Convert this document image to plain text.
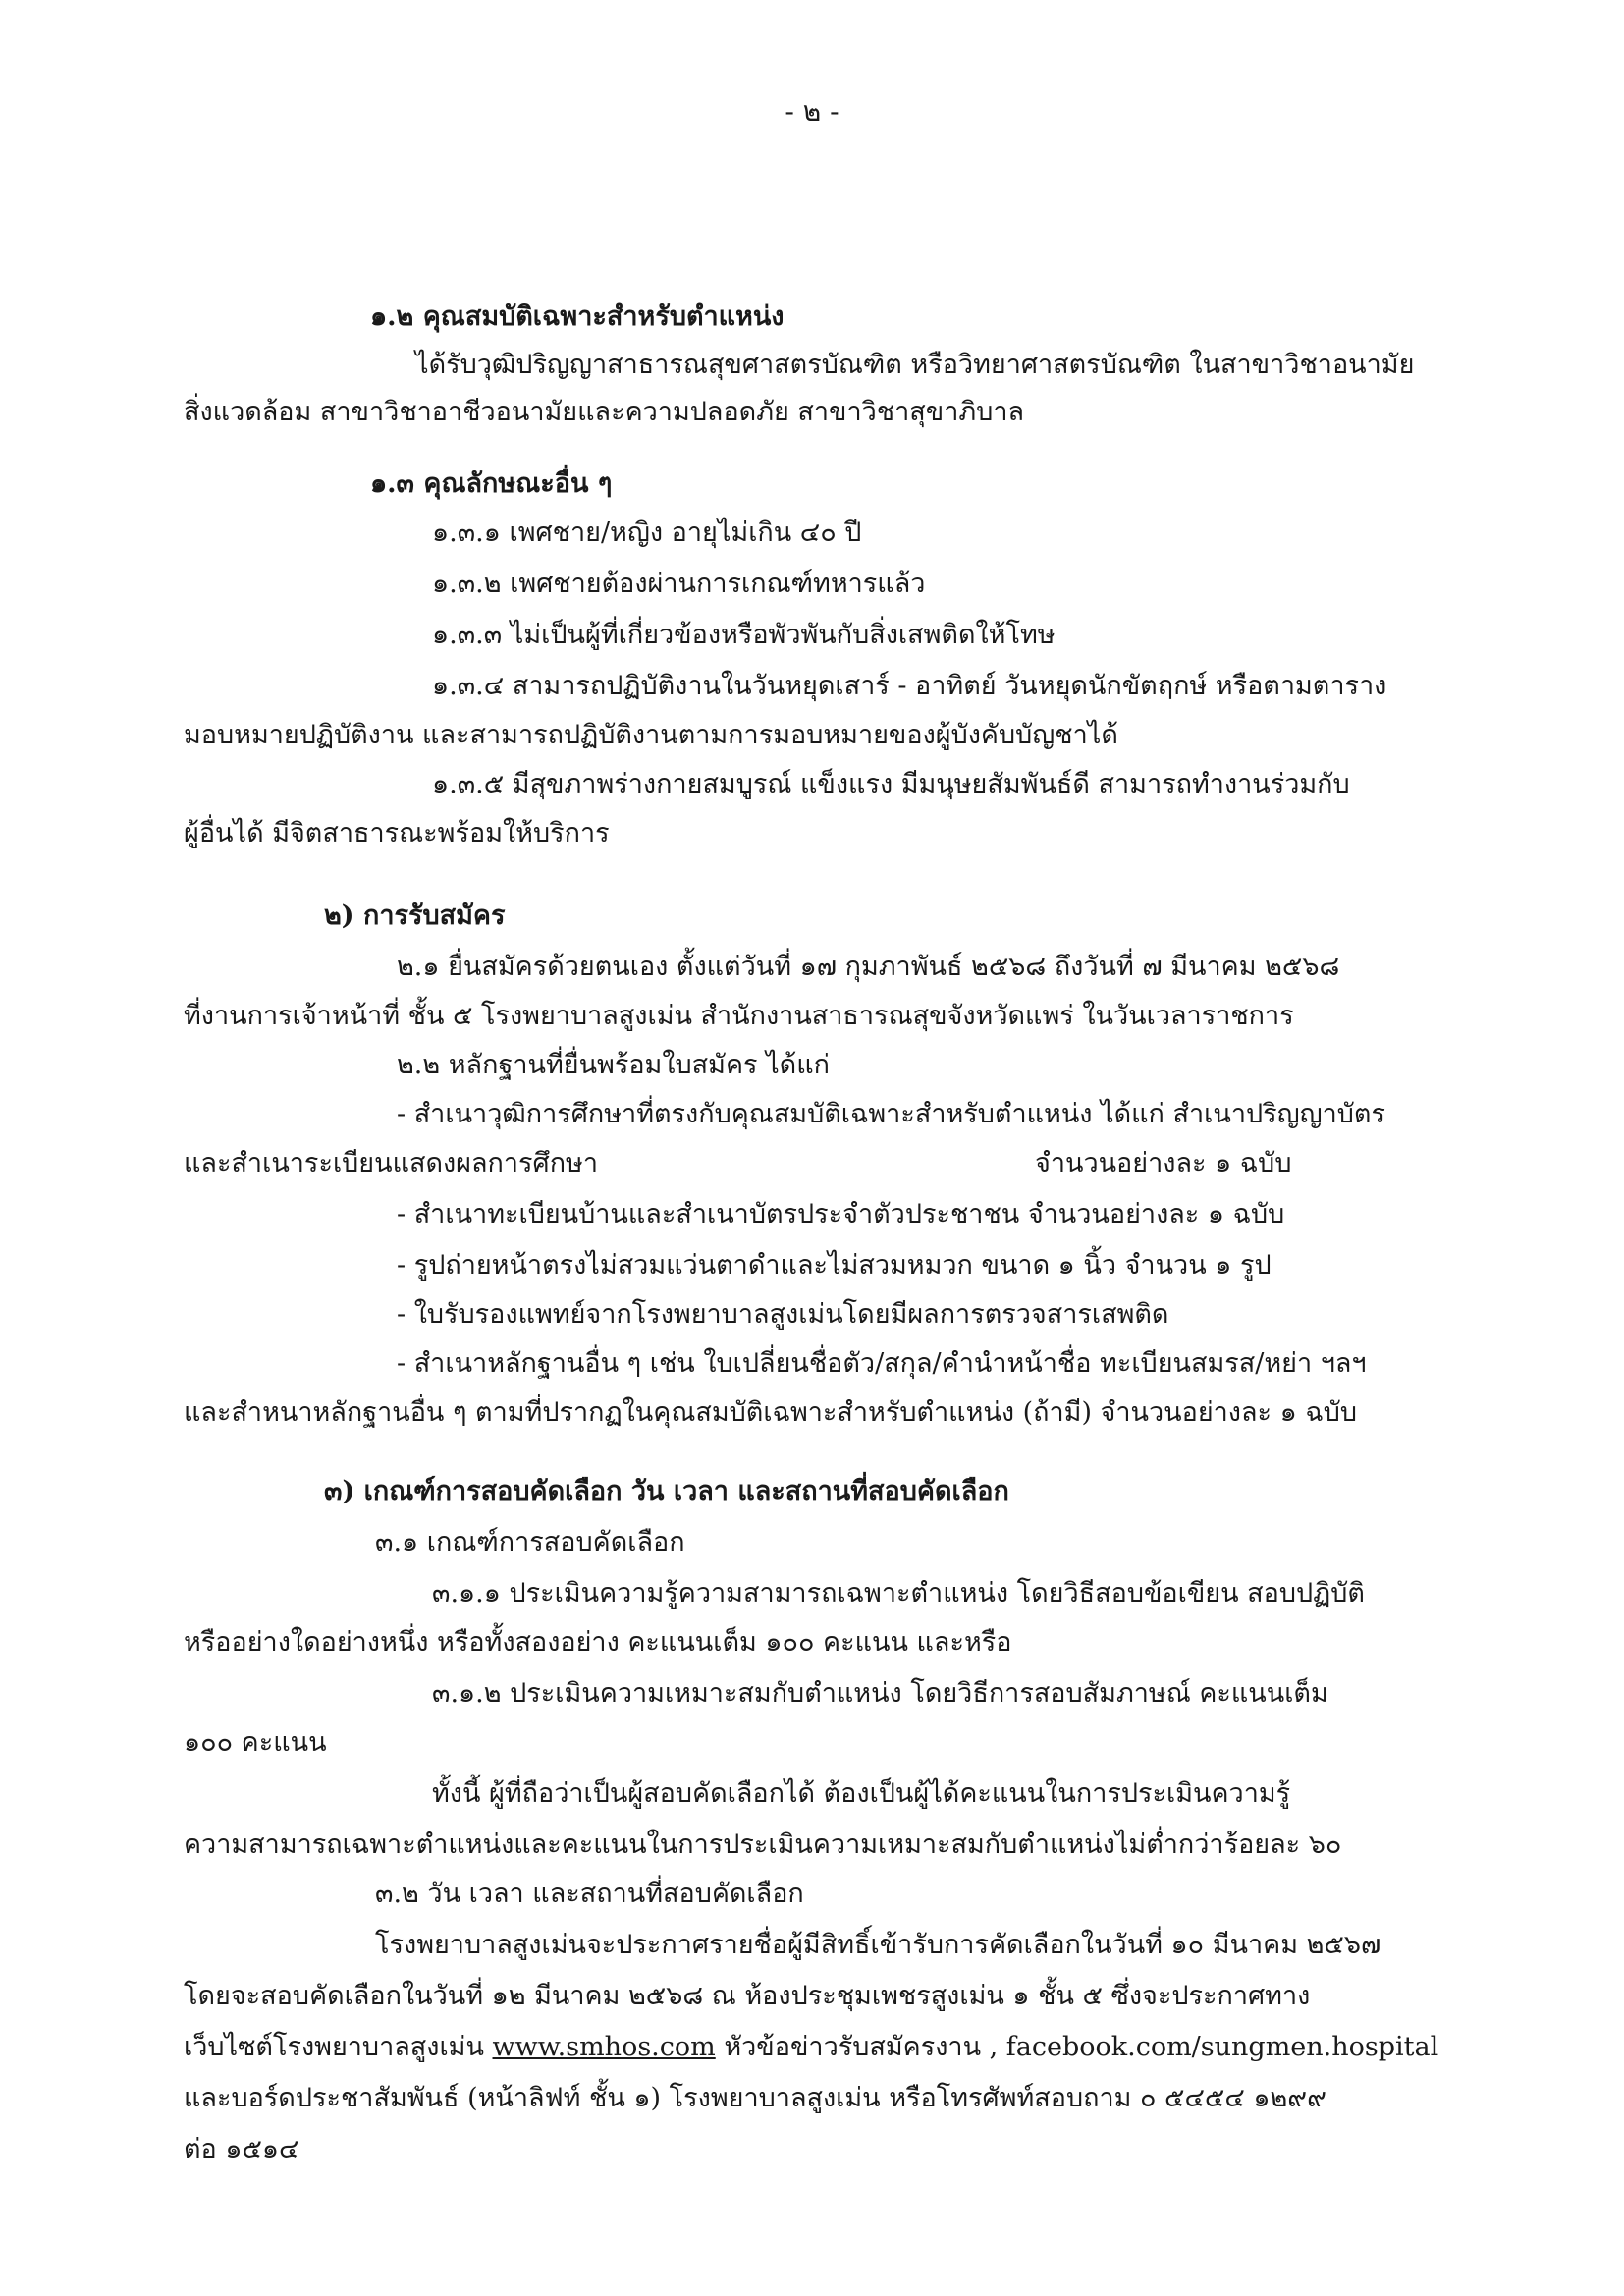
- ๒ -
๑.๒ คุณสมบัติเฉพาะสำหรับตำแหน่ง
ได้รับวุฒิปริญญาสาธารณสุขศาสตรบัณฑิต หรือวิทยาศาสตรบัณฑิต ในสาขาวิชาอนามัย
สิ่งแวดล้อม สาขาวิชาอาชีวอนามัยและความปลอดภัย สาขาวิชาสุขาภิบาล
๑.๓ คุณลักษณะอื่น ๆ
๑.๓.๑ เพศชาย/หญิง อายุไม่เกิน ๔๐ ปี
๑.๓.๒ เพศชายต้องผ่านการเกณฑ์ทหารแล้ว
๑.๓.๓ ไม่เป็นผู้ที่เกี่ยวข้องหรือพัวพันกับสิ่งเสพติดให้โทษ
๑.๓.๔ สามารถปฏิบัติงานในวันหยุดเสาร์ - อาทิตย์ วันหยุดนักขัตฤกษ์ หรือตามตาราง
มอบหมายปฏิบัติงาน และสามารถปฏิบัติงานตามการมอบหมายของผู้บังคับบัญชาได้
๑.๓.๕ มีสุขภาพร่างกายสมบูรณ์ แข็งแรง มีมนุษยสัมพันธ์ดี สามารถทำงานร่วมกับ
ผู้อื่นได้ มีจิตสาธารณะพร้อมให้บริการ
๒) การรับสมัคร
๒.๑ ยื่นสมัครด้วยตนเอง ตั้งแต่วันที่ ๑๗ กุมภาพันธ์ ๒๕๖๘ ถึงวันที่ ๗ มีนาคม ๒๕๖๘
ที่งานการเจ้าหน้าที่ ชั้น ๕ โรงพยาบาลสูงเม่น สำนักงานสาธารณสุขจังหวัดแพร่ ในวันเวลาราชการ
๒.๒ หลักฐานที่ยื่นพร้อมใบสมัคร ได้แก่
- สำเนาวุฒิการศึกษาที่ตรงกับคุณสมบัติเฉพาะสำหรับตำแหน่ง ได้แก่ สำเนาปริญญาบัตร
และสำเนาระเบียนแสดงผลการศึกษา	จำนวนอย่างละ ๑ ฉบับ
- สำเนาทะเบียนบ้านและสำเนาบัตรประจำตัวประชาชน จำนวนอย่างละ ๑ ฉบับ
- รูปถ่ายหน้าตรงไม่สวมแว่นตาดำและไม่สวมหมวก ขนาด ๑ นิ้ว จำนวน ๑ รูป
- ใบรับรองแพทย์จากโรงพยาบาลสูงเม่นโดยมีผลการตรวจสารเสพติด
- สำเนาหลักฐานอื่น ๆ เช่น ใบเปลี่ยนชื่อตัว/สกุล/คำนำหน้าชื่อ ทะเบียนสมรส/หย่า ฯลฯ
และสำหนาหลักฐานอื่น ๆ ตามที่ปรากฏในคุณสมบัติเฉพาะสำหรับตำแหน่ง (ถ้ามี) จำนวนอย่างละ ๑ ฉบับ
๓) เกณฑ์การสอบคัดเลือก วัน เวลา และสถานที่สอบคัดเลือก
๓.๑ เกณฑ์การสอบคัดเลือก
๓.๑.๑ ประเมินความรู้ความสามารถเฉพาะตำแหน่ง โดยวิธีสอบข้อเขียน สอบปฏิบัติ
หรืออย่างใดอย่างหนึ่ง หรือทั้งสองอย่าง คะแนนเต็ม ๑๐๐ คะแนน และหรือ
๓.๑.๒ ประเมินความเหมาะสมกับตำแหน่ง โดยวิธีการสอบสัมภาษณ์ คะแนนเต็ม
๑๐๐ คะแนน
ทั้งนี้ ผู้ที่ถือว่าเป็นผู้สอบคัดเลือกได้ ต้องเป็นผู้ได้คะแนนในการประเมินความรู้
ความสามารถเฉพาะตำแหน่งและคะแนนในการประเมินความเหมาะสมกับตำแหน่งไม่ต่ำกว่าร้อยละ ๖๐
๓.๒ วัน เวลา และสถานที่สอบคัดเลือก
โรงพยาบาลสูงเม่นจะประกาศรายชื่อผู้มีสิทธิ์เข้ารับการคัดเลือกในวันที่ ๑๐ มีนาคม ๒๕๖๗
โดยจะสอบคัดเลือกในวันที่ ๑๒ มีนาคม ๒๕๖๘ ณ ห้องประชุมเพชรสูงเม่น ๑ ชั้น ๕ ซึ่งจะประกาศทาง
เว็บไซต์โรงพยาบาลสูงเม่น www.smhos.com หัวข้อข่าวรับสมัครงาน , facebook.com/sungmen.hospital
และบอร์ดประชาสัมพันธ์ (หน้าลิฟท์ ชั้น ๑) โรงพยาบาลสูงเม่น หรือโทรศัพท์สอบถาม ๐ ๕๔๕๔ ๑๒๙๙
ต่อ ๑๕๑๔
